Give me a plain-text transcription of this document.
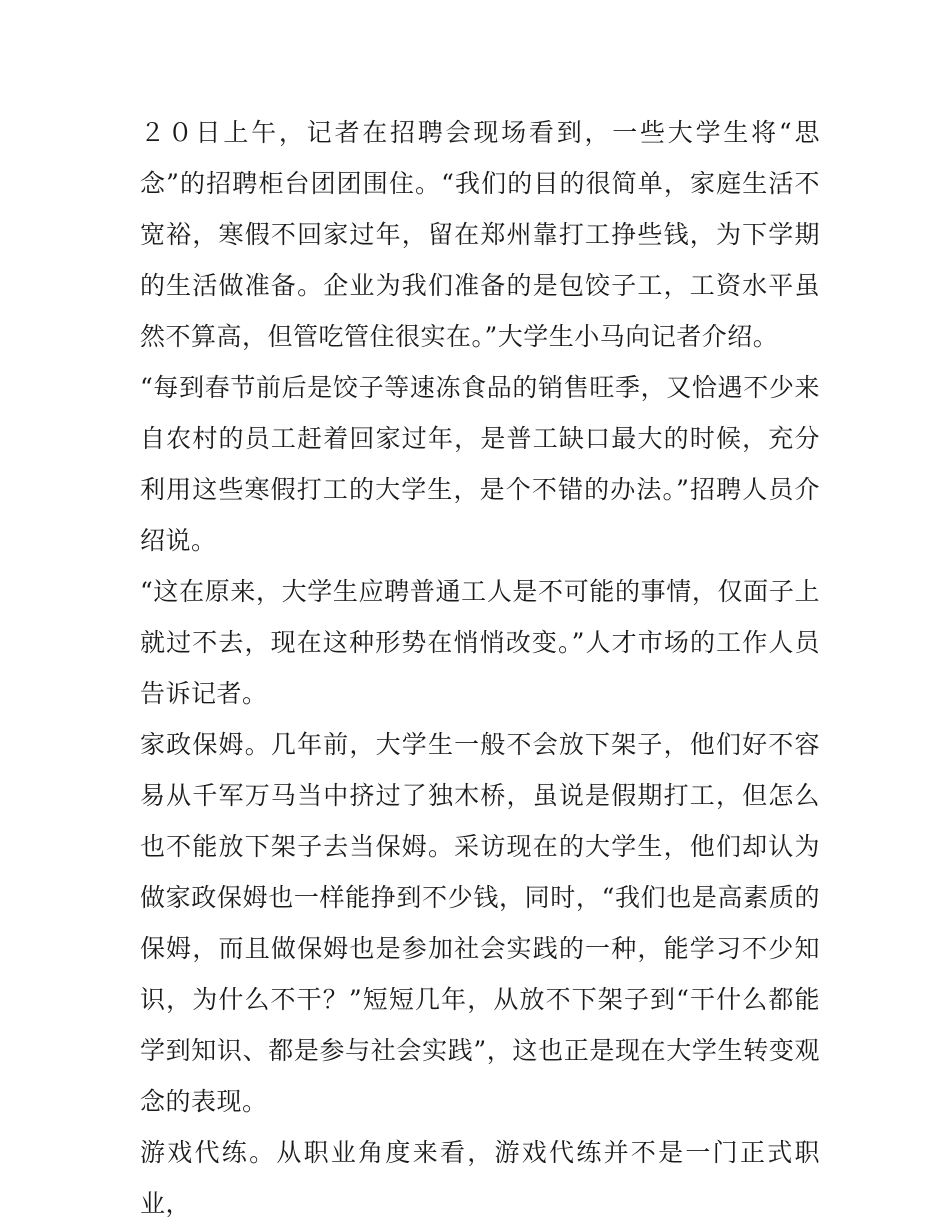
２０日上午，记者在招聘会现场看到，一些大学生将“思念”的招聘柜台团团围住。“我们的目的很简单，家庭生活不宽裕，寒假不回家过年，留在郑州靠打工挣些钱，为下学期的生活做准备。企业为我们准备的是包饺子工，工资水平虽然不算高，但管吃管住很实在。”大学生小马向记者介绍。

“每到春节前后是饺子等速冻食品的销售旺季，又恰遇不少来自农村的员工赶着回家过年，是普工缺口最大的时候，充分利用这些寒假打工的大学生，是个不错的办法。”招聘人员介绍说。

“这在原来，大学生应聘普通工人是不可能的事情，仅面子上就过不去，现在这种形势在悄悄改变。”人才市场的工作人员告诉记者。

家政保姆。几年前，大学生一般不会放下架子，他们好不容易从千军万马当中挤过了独木桥，虽说是假期打工，但怎么也不能放下架子去当保姆。采访现在的大学生，他们却认为做家政保姆也一样能挣到不少钱，同时，“我们也是高素质的保姆，而且做保姆也是参加社会实践的一种，能学习不少知识，为什么不干？”短短几年，从放不下架子到“干什么都能学到知识、都是参与社会实践”，这也正是现在大学生转变观念的表现。

游戏代练。从职业角度来看，游戏代练并不是一门正式职业，
